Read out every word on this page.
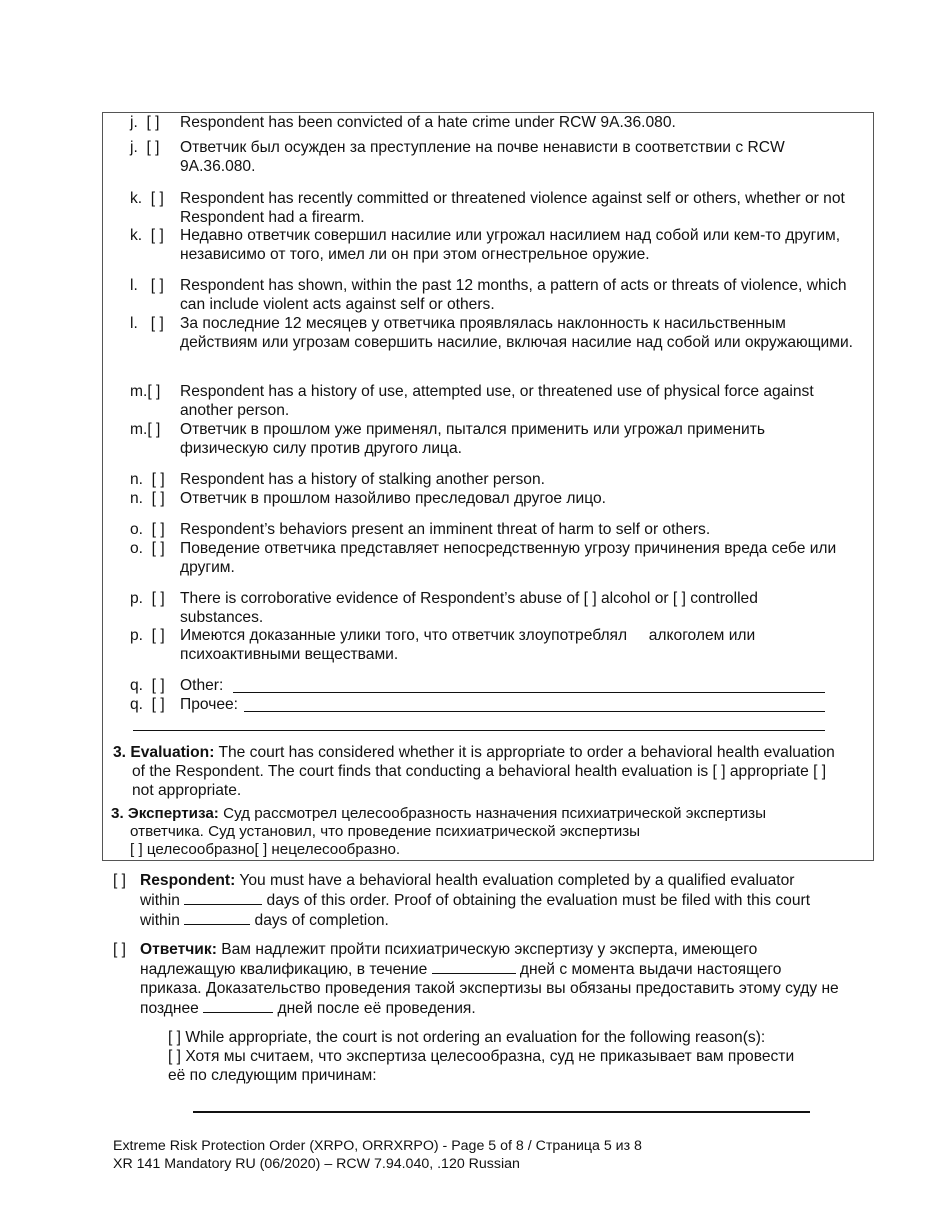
j.  [ ] Respondent has been convicted of a hate crime under RCW 9A.36.080.
j.  [ ] Ответчик был осужден за преступление на почве ненависти в соответствии с RCW 9A.36.080.
k.  [ ] Respondent has recently committed or threatened violence against self or others, whether or not Respondent had a firearm.
k.  [ ] Недавно ответчик совершил насилие или угрожал насилием над собой или кем-то другим, независимо от того, имел ли он при этом огнестрельное оружие.
l.   [ ] Respondent has shown, within the past 12 months, a pattern of acts or threats of violence, which can include violent acts against self or others.
l.   [ ] За последние 12 месяцев у ответчика проявлялась наклонность к насильственным действиям или угрозам совершить насилие, включая насилие над собой или окружающими.
m.[ ] Respondent has a history of use, attempted use, or threatened use of physical force against another person.
m.[ ] Ответчик в прошлом уже применял, пытался применить или угрожал применить физическую силу против другого лица.
n.  [ ] Respondent has a history of stalking another person.
n.  [ ] Ответчик в прошлом назойливо преследовал другое лицо.
o.  [ ] Respondent’s behaviors present an imminent threat of harm to self or others.
o.  [ ] Поведение ответчика представляет непосредственную угрозу причинения вреда себе или другим.
p.  [ ] There is corroborative evidence of Respondent’s abuse of [ ] alcohol or [ ] controlled substances.
p.  [ ] Имеются доказанные улики того, что ответчик злоупотреблял     алкоголем или психоактивными веществами.
q.  [ ] Other:
q.  [ ] Прочее:
3. Evaluation: The court has considered whether it is appropriate to order a behavioral health evaluation of the Respondent. The court finds that conducting a behavioral health evaluation is [ ] appropriate [ ] not appropriate.
3. Экспертиза: Суд рассмотрел целесообразность назначения психиатрической экспертизы ответчика. Суд установил, что проведение психиатрической экспертизы
[ ] целесообразно[ ] нецелесообразно.
[ ] Respondent: You must have a behavioral health evaluation completed by a qualified evaluator within	days of this order. Proof of obtaining the evaluation must be filed with this court within	days of completion.
[ ] Ответчик: Вам надлежит пройти психиатрическую экспертизу у эксперта, имеющего надлежащую квалификацию, в течение	дней с момента выдачи настоящего приказа. Доказательство проведения такой экспертизы вы обязаны предоставить этому суду не позднее	дней после её проведения.
[ ] While appropriate, the court is not ordering an evaluation for the following reason(s):
[ ] Хотя мы считаем, что экспертиза целесообразна, суд не приказывает вам провести её по следующим причинам:
Extreme Risk Protection Order (XRPO, ORRXRPO) - Page 5 of 8 / Страница 5 из 8
XR 141 Mandatory RU (06/2020) – RCW 7.94.040, .120 Russian
